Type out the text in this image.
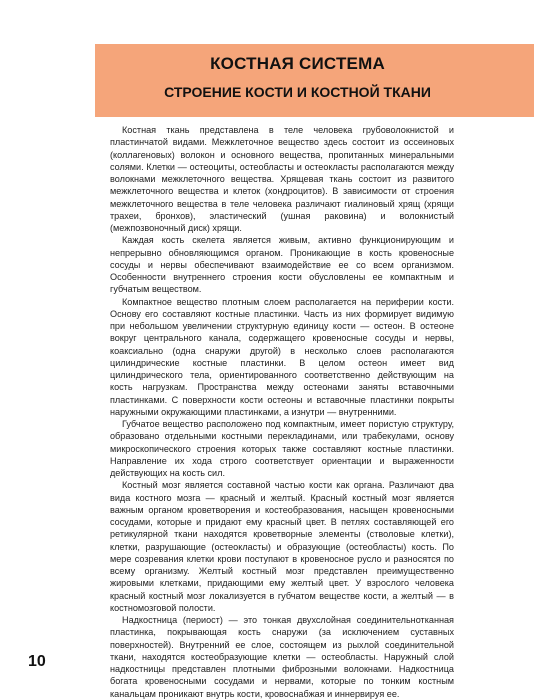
КОСТНАЯ СИСТЕМА
СТРОЕНИЕ КОСТИ И КОСТНОЙ ТКАНИ

Костная ткань представлена в теле человека грубоволокнистой и пластинчатой видами. Межклеточное вещество здесь состоит из оссеиновых (коллагеновых) волокон и основного вещества, пропитанных минеральными солями. Клетки — остеоциты, остеобласты и остеокласты располагаются между волокнами межклеточного вещества. Хрящевая ткань состоит из развитого межклеточного вещества и клеток (хондроцитов). В зависимости от строения межклеточного вещества в теле человека различают гиалиновый хрящ (хрящи трахеи, бронхов), эластический (ушная раковина) и волокнистый (межпозвоночный диск) хрящи.

Каждая кость скелета является живым, активно функционирующим и непрерывно обновляющимся органом. Проникающие в кость кровеносные сосуды и нервы обеспечивают взаимодействие ее со всем организмом. Особенности внутреннего строения кости обусловлены ее компактным и губчатым веществом.

Компактное вещество плотным слоем располагается на периферии кости. Основу его составляют костные пластинки. Часть из них формирует видимую при небольшом увеличении структурную единицу кости — остеон. В остеоне вокруг центрального канала, содержащего кровеносные сосуды и нервы, коаксиально (одна снаружи другой) в несколько слоев располагаются цилиндрические костные пластинки. В целом остеон имеет вид цилиндрического тела, ориентированного соответственно действующим на кость нагрузкам. Пространства между остеонами заняты вставочными пластинками. С поверхности кости остеоны и вставочные пластинки покрыты наружными окружающими пластинками, а изнутри — внутренними.

Губчатое вещество расположено под компактным, имеет пористую структуру, образовано отдельными костными перекладинами, или трабекулами, основу микроскопического строения которых также составляют костные пластинки. Направление их хода строго соответствует ориентации и выраженности действующих на кость сил.

Костный мозг является составной частью кости как органа. Различают два вида костного мозга — красный и желтый. Красный костный мозг является важным органом кроветворения и костеобразования, насыщен кровеносными сосудами, которые и придают ему красный цвет. В петлях составляющей его ретикулярной ткани находятся кроветворные элементы (стволовые клетки), клетки, разрушающие (остеокласты) и образующие (остеобласты) кость. По мере созревания клетки крови поступают в кровеносное русло и разносятся по всему организму. Желтый костный мозг представлен преимущественно жировыми клетками, придающими ему желтый цвет. У взрослого человека красный костный мозг локализуется в губчатом веществе кости, а желтый — в костномозговой полости.

Надкостница (периост) — это тонкая двухслойная соединительнотканная пластинка, покрывающая кость снаружи (за исключением суставных поверхностей). Внутренний ее слое, состоящем из рыхлой соединительной ткани, находятся костеобразующие клетки — остеобласты. Наружный слой надкостницы представлен плотными фиброзными волокнами. Надкостница богата кровеносными сосудами и нервами, которые по тонким костным канальцам проникают внутрь кости, кровоснабжая и иннервируя ее.

10
